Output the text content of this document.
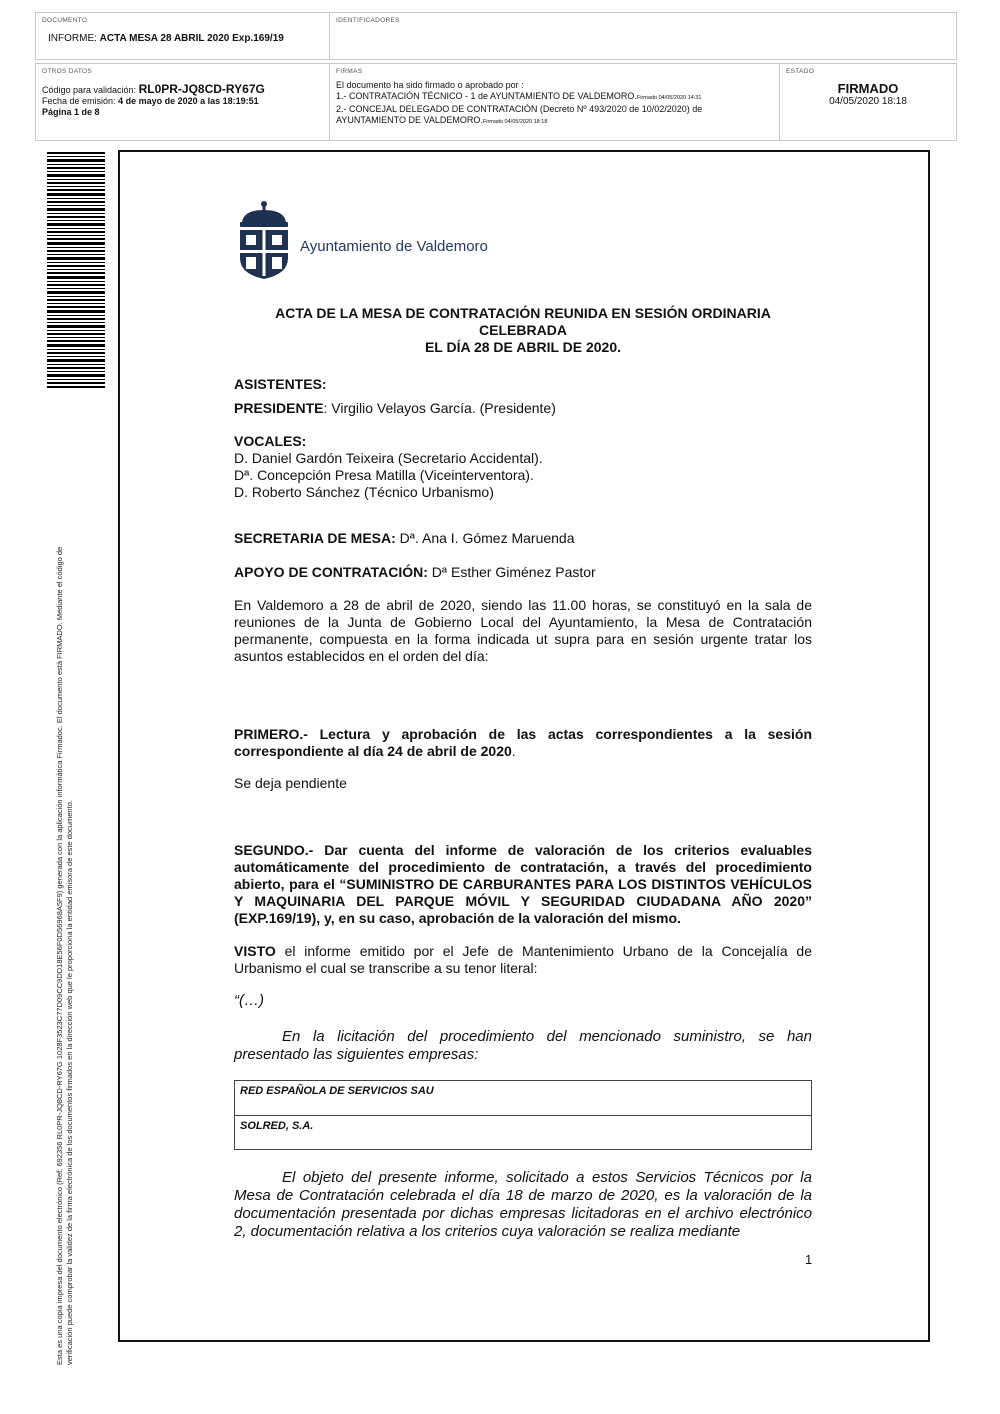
DOCUMENTO
INFORME: ACTA MESA 28 ABRIL 2020 Exp.169/19
IDENTIFICADORES
OTROS DATOS
Código para validación: RL0PR-JQ8CD-RY67G
Fecha de emisión: 4 de mayo de 2020 a las 18:19:51
Página 1 de 8
FIRMAS
El documento ha sido firmado o aprobado por :
1.- CONTRATACIÓN TÉCNICO - 1 de AYUNTAMIENTO DE VALDEMORO.Firmado 04/05/2020 14:31
2.- CONCEJAL DELEGADO DE CONTRATACIÓN (Decreto Nº 493/2020 de 10/02/2020) de AYUNTAMIENTO DE VALDEMORO.Firmado 04/05/2020 18:18
ESTADO
FIRMADO
04/05/2020 18:18
Esta es una copia impresa del documento electrónico (Ref: 692356 RL0PR-JQ8CD-RY67G 1028F3523C77D09CC9DD18E56F0D56968A5F9) generada con la aplicación informática Firmadoc. El documento está FIRMADO. Mediante el código de verificación puede comprobar la validez de la firma electrónica de los documentos firmados en la dirección web que le proporciona la entidad emisora de este documento.
Ayuntamiento de Valdemoro
ACTA DE LA MESA DE CONTRATACIÓN REUNIDA EN SESIÓN ORDINARIA CELEBRADA
EL DÍA 28 DE ABRIL DE 2020.
ASISTENTES:
PRESIDENTE: Virgilio Velayos García. (Presidente)
VOCALES:
D. Daniel Gardón Teixeira (Secretario Accidental).
Dª. Concepción Presa Matilla (Viceinterventora).
D. Roberto Sánchez (Técnico Urbanismo)
SECRETARIA DE MESA: Dª. Ana I. Gómez Maruenda
APOYO DE CONTRATACIÓN: Dª Esther Giménez Pastor
En Valdemoro a 28 de abril de 2020, siendo las 11.00 horas, se constituyó en la sala de reuniones de la Junta de Gobierno Local del Ayuntamiento, la Mesa de Contratación permanente, compuesta en la forma indicada ut supra para en sesión urgente tratar los asuntos establecidos en el orden del día:
PRIMERO.- Lectura y aprobación de las actas correspondientes a la sesión correspondiente al día 24 de abril de 2020.
Se deja pendiente
SEGUNDO.- Dar cuenta del informe de valoración de los criterios evaluables automáticamente del procedimiento de contratación, a través del procedimiento abierto, para el “SUMINISTRO DE CARBURANTES PARA LOS DISTINTOS VEHÍCULOS Y MAQUINARIA DEL PARQUE MÓVIL Y SEGURIDAD CIUDADANA AÑO 2020” (EXP.169/19), y, en su caso, aprobación de la valoración del mismo.
VISTO el informe emitido por el Jefe de Mantenimiento Urbano de la Concejalía de Urbanismo el cual se transcribe a su tenor literal:
“(…)
En la licitación del procedimiento del mencionado suministro, se han presentado las siguientes empresas:
RED ESPAÑOLA DE SERVICIOS SAU
SOLRED, S.A.
El objeto del presente informe, solicitado a estos Servicios Técnicos por la Mesa de Contratación celebrada el día 18 de marzo de 2020, es la valoración de la documentación presentada por dichas empresas licitadoras en el archivo electrónico 2, documentación relativa a los criterios cuya valoración se realiza mediante
1
